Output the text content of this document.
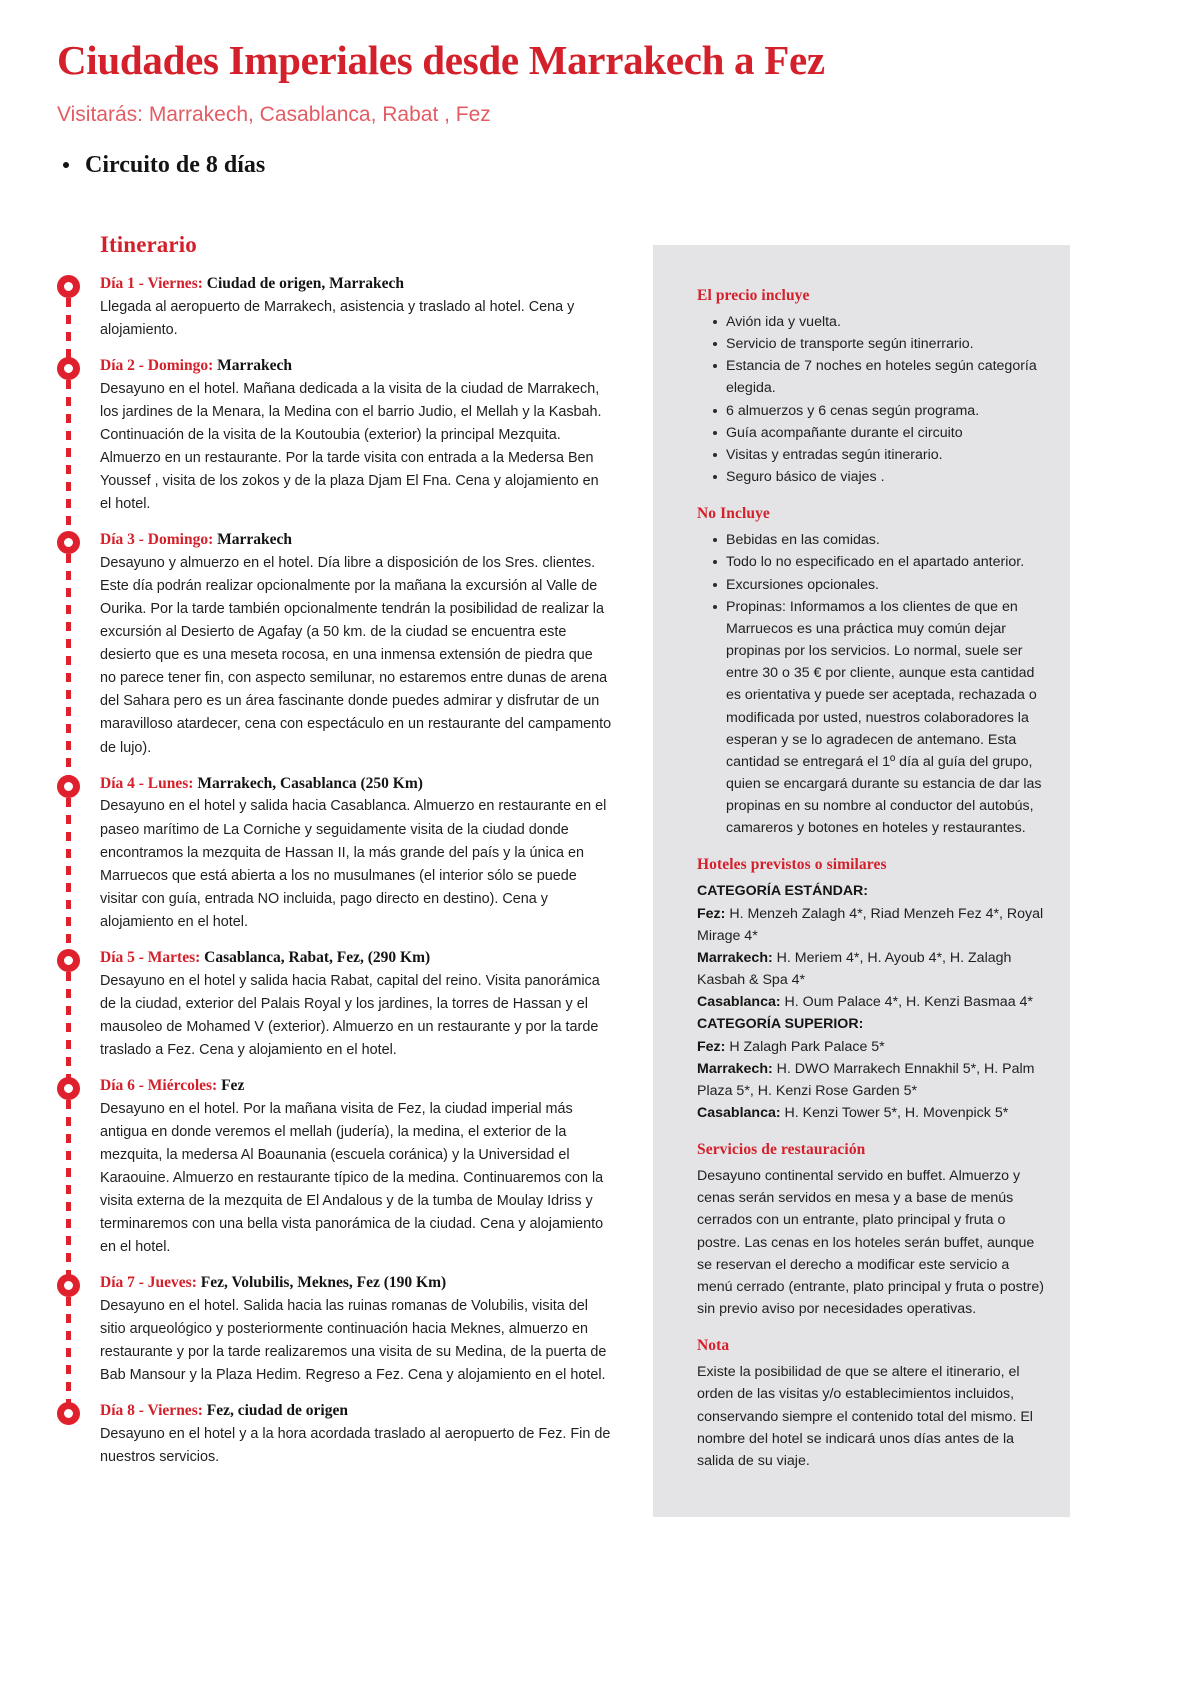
Ciudades Imperiales desde Marrakech a Fez

Visitarás: Marrakech, Casablanca, Rabat , Fez

Circuito de 8 días
Itinerario

Día 1 - Viernes: Ciudad de origen, Marrakech

Llegada al aeropuerto de Marrakech, asistencia y traslado al hotel. Cena y alojamiento.

Día 2 - Domingo: Marrakech

Desayuno en el hotel. Mañana dedicada a la visita de la ciudad de Marrakech, los jardines de la Menara, la Medina con el barrio Judio, el Mellah y la Kasbah. Continuación de la visita de la Koutoubia (exterior) la principal Mezquita. Almuerzo en un restaurante. Por la tarde visita con entrada a la Medersa Ben Youssef , visita de los zokos y de la plaza Djam El Fna. Cena y alojamiento en el hotel.

Día 3 - Domingo: Marrakech

Desayuno y almuerzo en el hotel. Día libre a disposición de los Sres. clientes. Este día podrán realizar opcionalmente por la mañana la excursión al Valle de Ourika. Por la tarde también opcionalmente tendrán la posibilidad de realizar la excursión al Desierto de Agafay (a 50 km. de la ciudad se encuentra este desierto que es una meseta rocosa, en una inmensa extensión de piedra que no parece tener fin, con aspecto semilunar, no estaremos entre dunas de arena del Sahara pero es un área fascinante donde puedes admirar y disfrutar de un maravilloso atardecer, cena con espectáculo en un restaurante del campamento de lujo).

Día 4 - Lunes: Marrakech, Casablanca (250 Km)

Desayuno en el hotel y salida hacia Casablanca. Almuerzo en restaurante en el paseo marítimo de La Corniche y seguidamente visita de la ciudad donde encontramos la mezquita de Hassan II, la más grande del país y la única en Marruecos que está abierta a los no musulmanes (el interior sólo se puede visitar con guía, entrada NO incluida, pago directo en destino). Cena y alojamiento en el hotel.

Día 5 - Martes: Casablanca, Rabat, Fez, (290 Km)

Desayuno en el hotel y salida hacia Rabat, capital del reino. Visita panorámica de la ciudad, exterior del Palais Royal y los jardines, la torres de Hassan y el mausoleo de Mohamed V (exterior). Almuerzo en un restaurante y por la tarde traslado a Fez. Cena y alojamiento en el hotel.

Día 6 - Miércoles: Fez

Desayuno en el hotel. Por la mañana visita de Fez, la ciudad imperial más antigua en donde veremos el mellah (judería), la medina, el exterior de la mezquita, la medersa Al Boaunania (escuela coránica) y la Universidad el Karaouine. Almuerzo en restaurante típico de la medina. Continuaremos con la visita externa de la mezquita de El Andalous y de la tumba de Moulay Idriss y terminaremos con una bella vista panorámica de la ciudad. Cena y alojamiento en el hotel.

Día 7 - Jueves: Fez, Volubilis, Meknes, Fez (190 Km)

Desayuno en el hotel. Salida hacia las ruinas romanas de Volubilis, visita del sitio arqueológico y posteriormente continuación hacia Meknes, almuerzo en restaurante y por la tarde realizaremos una visita de su Medina, de la puerta de Bab Mansour y la Plaza Hedim. Regreso a Fez. Cena y alojamiento en el hotel.

Día 8 - Viernes: Fez, ciudad de origen

Desayuno en el hotel y a la hora acordada traslado al aeropuerto de Fez. Fin de nuestros servicios.

El precio incluye
Avión ida y vuelta.
Servicio de transporte según itinerrario.
Estancia de 7 noches en hoteles según categoría elegida.
6 almuerzos y 6 cenas según programa.
Guía acompañante durante el circuito
Visitas y entradas según itinerario.
Seguro básico de viajes .
No Incluye
Bebidas en las comidas.
Todo lo no especificado en el apartado anterior.
Excursiones opcionales.
Propinas: Informamos a los clientes de que en Marruecos es una práctica muy común dejar propinas por los servicios. Lo normal, suele ser entre 30 o 35 € por cliente, aunque esta cantidad es orientativa y puede ser aceptada, rechazada o modificada por usted, nuestros colaboradores la esperan y se lo agradecen de antemano. Esta cantidad se entregará el 1º día al guía del grupo, quien se encargará durante su estancia de dar las propinas en su nombre al conductor del autobús, camareros y botones en hoteles y restaurantes.
Hoteles previstos o similares

CATEGORÍA ESTÁNDAR:

Fez: H. Menzeh Zalagh 4*, Riad Menzeh Fez 4*, Royal Mirage 4*

Marrakech: H. Meriem 4*, H. Ayoub 4*, H. Zalagh Kasbah & Spa 4*

Casablanca: H. Oum Palace 4*, H. Kenzi Basmaa 4*

CATEGORÍA SUPERIOR:

Fez: H Zalagh Park Palace 5*

Marrakech: H. DWO Marrakech Ennakhil 5*, H. Palm Plaza 5*, H. Kenzi Rose Garden 5*

Casablanca: H. Kenzi Tower 5*, H. Movenpick 5*

Servicios de restauración

Desayuno continental servido en buffet. Almuerzo y cenas serán servidos en mesa y a base de menús cerrados con un entrante, plato principal y fruta o postre. Las cenas en los hoteles serán buffet, aunque se reservan el derecho a modificar este servicio a menú cerrado (entrante, plato principal y fruta o postre) sin previo aviso por necesidades operativas.

Nota

Existe la posibilidad de que se altere el itinerario, el orden de las visitas y/o establecimientos incluidos, conservando siempre el contenido total del mismo. El nombre del hotel se indicará unos días antes de la salida de su viaje.
